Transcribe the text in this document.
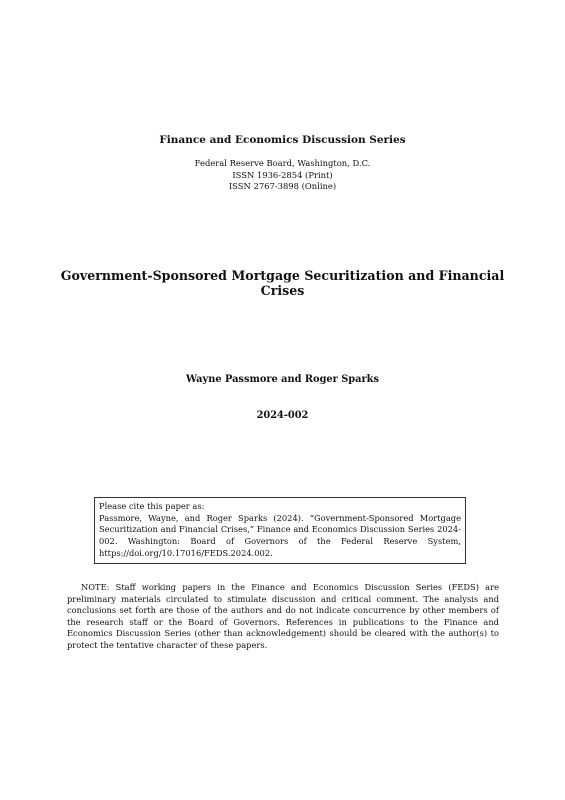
Finance and Economics Discussion Series
Federal Reserve Board, Washington, D.C.
ISSN 1936-2854 (Print)
ISSN 2767-3898 (Online)
Government-Sponsored Mortgage Securitization and Financial
Crises
Wayne Passmore and Roger Sparks
2024-002
Please cite this paper as:
Passmore, Wayne, and Roger Sparks (2024). “Government-Sponsored Mortgage Securitization and Financial Crises,” Finance and Economics Discussion Series 2024-002. Washington: Board of Governors of the Federal Reserve System, https://doi.org/10.17016/FEDS.2024.002.
NOTE: Staff working papers in the Finance and Economics Discussion Series (FEDS) are preliminary materials circulated to stimulate discussion and critical comment. The analysis and conclusions set forth are those of the authors and do not indicate concurrence by other members of the research staff or the Board of Governors. References in publications to the Finance and Economics Discussion Series (other than acknowledgement) should be cleared with the author(s) to protect the tentative character of these papers.
